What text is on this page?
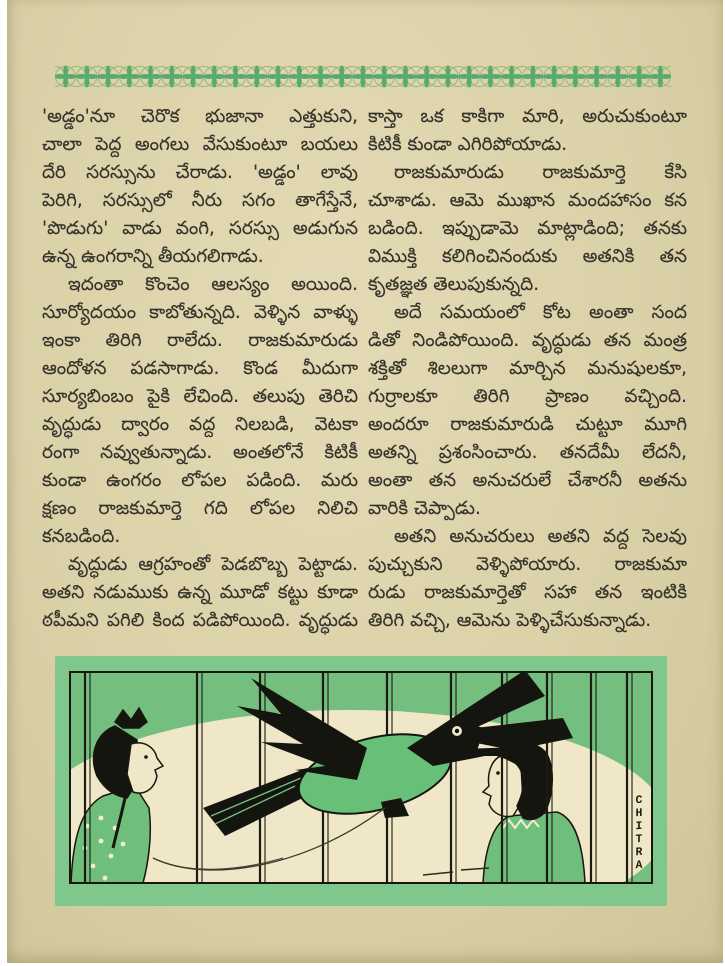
'అడ్డం'నూ చెరొక భుజానా ఎత్తుకుని,
చాలా పెద్ద అంగలు వేసుకుంటూ బయలు
దేరి సరస్సును చేరాడు. 'అడ్డం' లావు
పెరిగి, సరస్సులో నీరు సగం తాగేస్తేనే,
'పొడుగు' వాడు వంగి, సరస్సు అడుగున
ఉన్న ఉంగరాన్ని తీయగలిగాడు.
ఇదంతా కొంచెం ఆలస్యం అయింది.
సూర్యోదయం కాబోతున్నది. వెళ్ళిన వాళ్ళు
ఇంకా తిరిగి రాలేదు. రాజకుమారుడు
ఆందోళన పడసాగాడు. కొండ మీదుగా
సూర్యబింబం పైకి లేచింది. తలుపు తెరిచి
వృద్ధుడు ద్వారం వద్ద నిలబడి, వెటకా
రంగా నవ్వుతున్నాడు. అంతలోనే కిటికీ
కుండా ఉంగరం లోపల పడింది. మరు
క్షణం రాజకుమార్తె గది లోపల నిలిచి
కనబడింది.
వృద్ధుడు ఆగ్రహంతో పెడబొబ్బ పెట్టాడు.
అతని నడుముకు ఉన్న మూడో కట్టు కూడా
ఠపీమని పగిలి కింద పడిపోయింది. వృద్ధుడు
కాస్తా ఒక కాకిగా మారి, అరుచుకుంటూ
కిటికీ కుండా ఎగిరిపోయాడు.
రాజకుమారుడు రాజకుమార్తె కేసి
చూశాడు. ఆమె ముఖాన మందహాసం కన
బడింది. ఇప్పుడామె మాట్లాడింది; తనకు
విముక్తి కలిగించినందుకు అతనికి తన
కృతజ్ఞత తెలుపుకున్నది.
అదే సమయంలో కోట అంతా సంద
డితో నిండిపోయింది. వృద్ధుడు తన మంత్ర
శక్తితో శిలలుగా మార్చిన మనుషులకూ,
గుర్రాలకూ తిరిగి ప్రాణం వచ్చింది.
అందరూ రాజకుమారుడి చుట్టూ మూగి
అతన్ని ప్రశంసించారు. తనదేమీ లేదనీ,
అంతా తన అనుచరులే చేశారనీ అతను
వారికి చెప్పాడు.
అతని అనుచరులు అతని వద్ద సెలవు
పుచ్చుకుని వెళ్ళిపోయారు. రాజకుమా
రుడు రాజకుమార్తెతో సహా తన ఇంటికి
తిరిగి వచ్చి, ఆమెను పెళ్ళిచేసుకున్నాడు.
C
H
I
T
R
A
